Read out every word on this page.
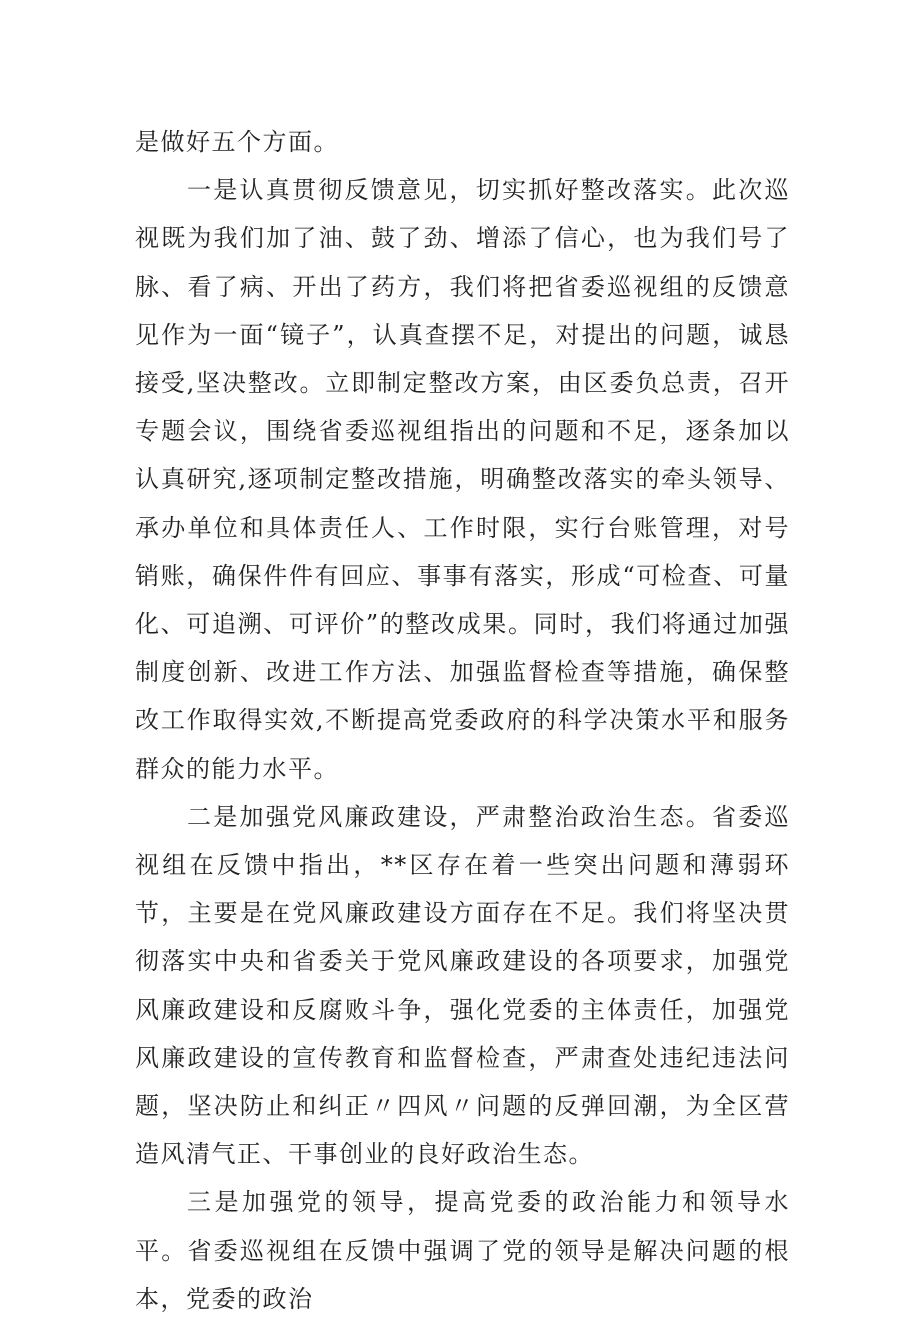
是做好五个方面。

一是认真贯彻反馈意见，切实抓好整改落实。此次巡视既为我们加了油、鼓了劲、增添了信心，也为我们号了脉、看了病、开出了药方，我们将把省委巡视组的反馈意见作为一面“镜子”，认真查摆不足，对提出的问题，诚恳接受,坚决整改。立即制定整改方案，由区委负总责，召开专题会议，围绕省委巡视组指出的问题和不足，逐条加以认真研究,逐项制定整改措施，明确整改落实的牵头领导、承办单位和具体责任人、工作时限，实行台账管理，对号销账，确保件件有回应、事事有落实，形成“可检查、可量化、可追溯、可评价”的整改成果。同时，我们将通过加强制度创新、改进工作方法、加强监督检查等措施，确保整改工作取得实效,不断提高党委政府的科学决策水平和服务群众的能力水平。

二是加强党风廉政建设，严肃整治政治生态。省委巡视组在反馈中指出，**区存在着一些突出问题和薄弱环节，主要是在党风廉政建设方面存在不足。我们将坚决贯彻落实中央和省委关于党风廉政建设的各项要求，加强党风廉政建设和反腐败斗争，强化党委的主体责任，加强党风廉政建设的宣传教育和监督检查，严肃查处违纪违法问题，坚决防止和纠正〃四风〃问题的反弹回潮，为全区营造风清气正、干事创业的良好政治生态。

三是加强党的领导，提高党委的政治能力和领导水平。省委巡视组在反馈中强调了党的领导是解决问题的根本，党委的政治
